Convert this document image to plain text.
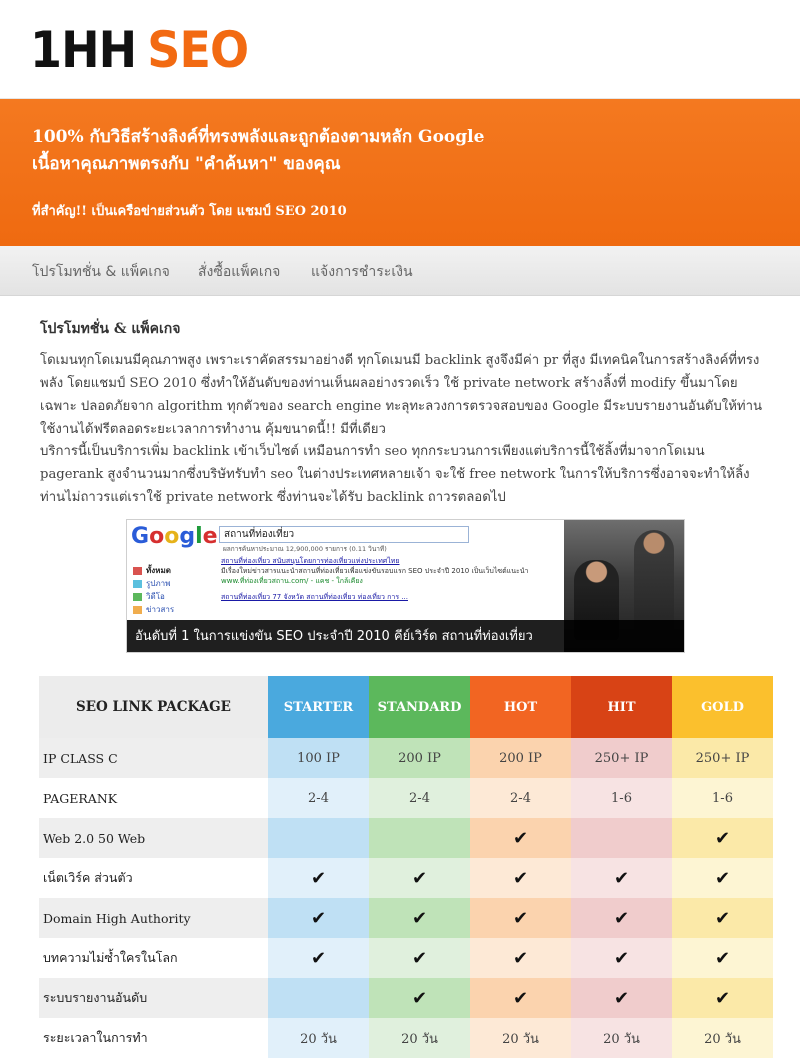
1HH SEO
100% กับวิธีสร้างลิงค์ที่ทรงพลังและถูกต้องตามหลัก Google
เนื้อหาคุณภาพตรงกับ "คำค้นหา" ของคุณ
ที่สำคัญ!! เป็นเครือข่ายส่วนตัว โดย แชมป์ SEO 2010
โปรโมทชั่น & แพ็คเกจ สั่งซื้อแพ็คเกจ แจ้งการชำระเงิน
โปรโมทชั่น & แพ็คเกจ
โดเมนทุกโดเมนมีคุณภาพสูง เพราะเราคัดสรรมาอย่างดี ทุกโดเมนมี backlink สูงจึงมีค่า pr ที่สูง มีเทคนิคในการสร้างลิงค์ที่ทรงพลัง โดยแชมป์ SEO 2010 ซึ่งทำให้อันดับของท่านเห็นผลอย่างรวดเร็ว ใช้ private network สร้างลิ้งที่ modify ขึ้นมาโดยเฉพาะ ปลอดภัยจาก algorithm ทุกตัวของ search engine ทะลุทะลวงการตรวจสอบของ Google มีระบบรายงานอันดับให้ท่านใช้งานได้ฟรีตลอดระยะเวลาการทำงาน คุ้มขนาดนี้!! มีที่เดียว
บริการนี้เป็นบริการเพิ่ม backlink เข้าเว็บไซต์ เหมือนการทำ seo ทุกกระบวนการเพียงแต่บริการนี้ใช้ลิ้งที่มาจากโดเมน pagerank สูงจำนวนมากซึ่งบริษัทรับทำ seo ในต่างประเทศหลายเจ้า จะใช้ free network ในการให้บริการซึ่งอาจจะทำให้ลิ้งท่านไม่ถาวรแต่เราใช้ private network ซึ่งท่านจะได้รับ backlink ถาวรตลอดไป
Google สถานที่ท่องเที่ยว
ผลการค้นหาประมาณ 12,900,000 รายการ (0.11 วินาที)
ทั้งหมด
รูปภาพ
วิดีโอ
ข่าวสาร
สถานที่ท่องเที่ยว สนับสนุนโดยการท่องเที่ยวแห่งประเทศไทย
มีเรื่องใหม่ข่าวสารแนะนำสถานที่ท่องเที่ยวเพื่อแข่งขันรอบแรก SEO ประจำปี 2010 เป็นเว็บไซต์แนะนำ
www.ที่ท่องเที่ยวสถาน.com/ - แคช - ใกล้เคียง
สถานที่ท่องเที่ยว 77 จังหวัด สถานที่ท่องเที่ยว ท่องเที่ยว การ ...
อันดับที่ 1 ในการแข่งขัน SEO ประจำปี 2010 คีย์เวิร์ด สถานที่ท่องเที่ยว
SEO LINK PACKAGE	STARTER	STANDARD	HOT	HIT	GOLD
IP CLASS C	100 IP	200 IP	200 IP	250+ IP	250+ IP
PAGERANK	2-4	2-4	2-4	1-6	1-6
Web 2.0 50 Web			✔		✔
เน็ตเวิร์ค ส่วนตัว	✔	✔	✔	✔	✔
Domain High Authority	✔	✔	✔	✔	✔
บทความไม่ซ้ำใครในโลก	✔	✔	✔	✔	✔
ระบบรายงานอันดับ		✔	✔	✔	✔
ระยะเวลาในการทำ	20 วัน	20 วัน	20 วัน	20 วัน	20 วัน
